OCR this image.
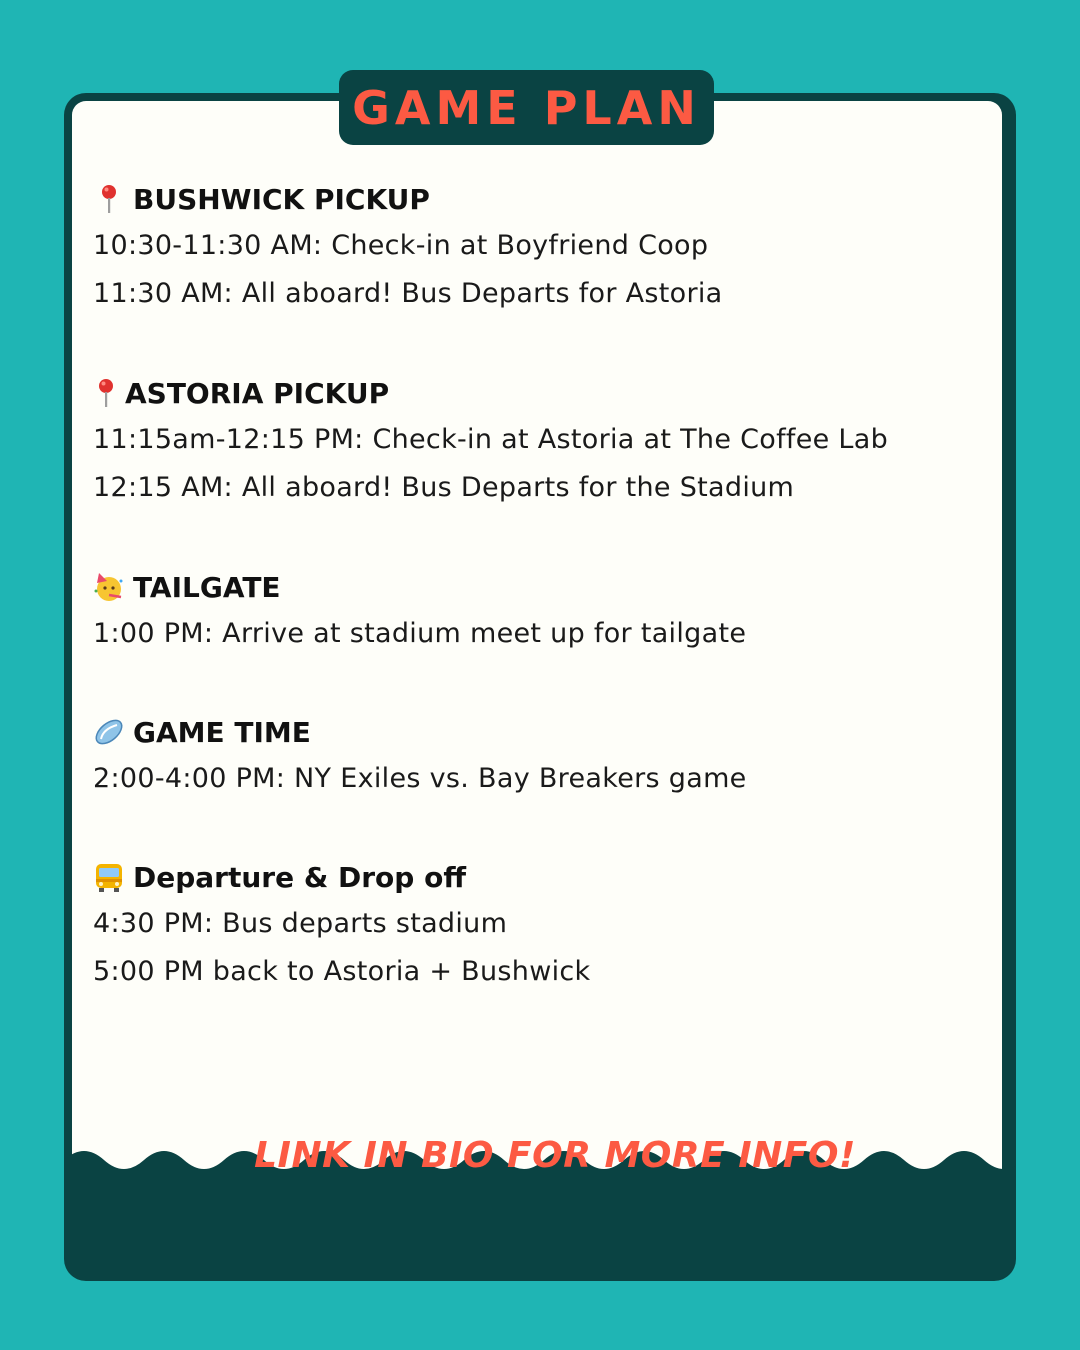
GAME PLAN
BUSHWICK PICKUP
10:30-11:30 AM: Check-in at Boyfriend Coop
11:30 AM: All aboard! Bus Departs for Astoria
ASTORIA PICKUP
11:15am-12:15 PM: Check-in at Astoria at The Coffee Lab
12:15 AM: All aboard! Bus Departs for the Stadium
TAILGATE
1:00 PM: Arrive at stadium meet up for tailgate
GAME TIME
2:00-4:00 PM: NY Exiles vs. Bay Breakers game
Departure & Drop off
4:30 PM: Bus departs stadium
5:00 PM back to Astoria + Bushwick
LINK IN BIO FOR MORE INFO!
